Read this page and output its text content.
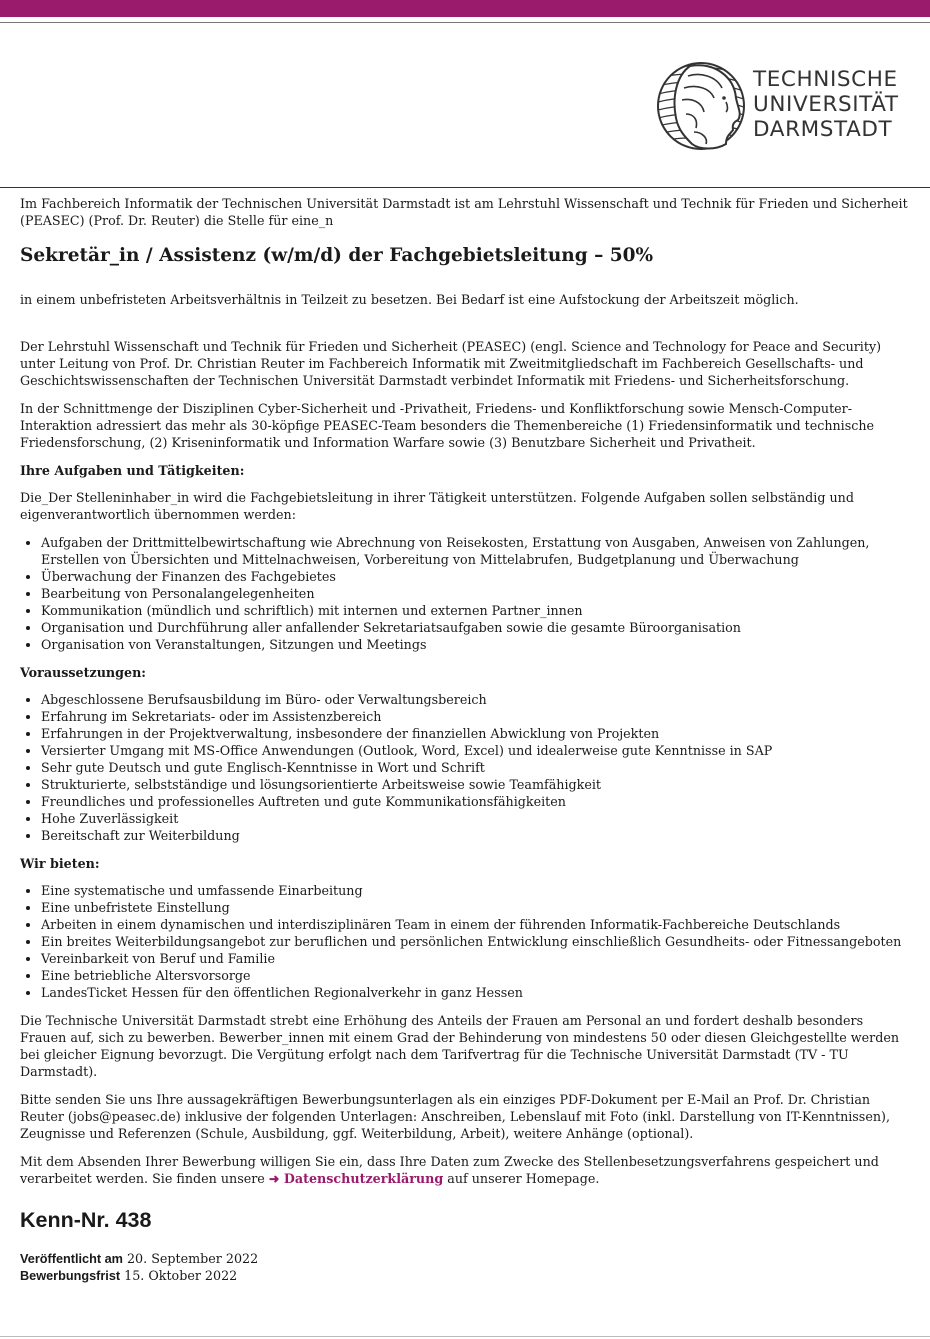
TECHNISCHE
UNIVERSITÄT
DARMSTADT

Im Fachbereich Informatik der Technischen Universität Darmstadt ist am Lehrstuhl Wissenschaft und Technik für Frieden und Sicherheit (PEASEC) (Prof. Dr. Reuter) die Stelle für eine_n

Sekretär_in / Assistenz (w/m/d) der Fachgebietsleitung – 50%

in einem unbefristeten Arbeitsverhältnis in Teilzeit zu besetzen. Bei Bedarf ist eine Aufstockung der Arbeitszeit möglich.

Der Lehrstuhl Wissenschaft und Technik für Frieden und Sicherheit (PEASEC) (engl. Science and Technology for Peace and Security) unter Leitung von Prof. Dr. Christian Reuter im Fachbereich Informatik mit Zweitmitgliedschaft im Fachbereich Gesellschafts- und Geschichtswissenschaften der Technischen Universität Darmstadt verbindet Informatik mit Friedens- und Sicherheitsforschung.

In der Schnittmenge der Disziplinen Cyber-Sicherheit und -Privatheit, Friedens- und Konfliktforschung sowie Mensch-Computer-Interaktion adressiert das mehr als 30-köpfige PEASEC-Team besonders die Themenbereiche (1) Friedensinformatik und technische Friedensforschung, (2) Kriseninformatik und Information Warfare sowie (3) Benutzbare Sicherheit und Privatheit.

Ihre Aufgaben und Tätigkeiten:

Die_Der Stelleninhaber_in wird die Fachgebietsleitung in ihrer Tätigkeit unterstützen. Folgende Aufgaben sollen selbständig und eigenverantwortlich übernommen werden:

• Aufgaben der Drittmittelbewirtschaftung wie Abrechnung von Reisekosten, Erstattung von Ausgaben, Anweisen von Zahlungen, Erstellen von Übersichten und Mittelnachweisen, Vorbereitung von Mittelabrufen, Budgetplanung und Überwachung
• Überwachung der Finanzen des Fachgebietes
• Bearbeitung von Personalangelegenheiten
• Kommunikation (mündlich und schriftlich) mit internen und externen Partner_innen
• Organisation und Durchführung aller anfallender Sekretariatsaufgaben sowie die gesamte Büroorganisation
• Organisation von Veranstaltungen, Sitzungen und Meetings
Voraussetzungen:
• Abgeschlossene Berufsausbildung im Büro- oder Verwaltungsbereich
• Erfahrung im Sekretariats- oder im Assistenzbereich
• Erfahrungen in der Projektverwaltung, insbesondere der finanziellen Abwicklung von Projekten
• Versierter Umgang mit MS-Office Anwendungen (Outlook, Word, Excel) und idealerweise gute Kenntnisse in SAP
• Sehr gute Deutsch und gute Englisch-Kenntnisse in Wort und Schrift
• Strukturierte, selbstständige und lösungsorientierte Arbeitsweise sowie Teamfähigkeit
• Freundliches und professionelles Auftreten und gute Kommunikationsfähigkeiten
• Hohe Zuverlässigkeit
• Bereitschaft zur Weiterbildung
Wir bieten:
• Eine systematische und umfassende Einarbeitung
• Eine unbefristete Einstellung
• Arbeiten in einem dynamischen und interdisziplinären Team in einem der führenden Informatik-Fachbereiche Deutschlands
• Ein breites Weiterbildungsangebot zur beruflichen und persönlichen Entwicklung einschließlich Gesundheits- oder Fitnessangeboten
• Vereinbarkeit von Beruf und Familie
• Eine betriebliche Altersvorsorge
• LandesTicket Hessen für den öffentlichen Regionalverkehr in ganz Hessen

Die Technische Universität Darmstadt strebt eine Erhöhung des Anteils der Frauen am Personal an und fordert deshalb besonders Frauen auf, sich zu bewerben. Bewerber_innen mit einem Grad der Behinderung von mindestens 50 oder diesen Gleichgestellte werden bei gleicher Eignung bevorzugt. Die Vergütung erfolgt nach dem Tarifvertrag für die Technische Universität Darmstadt (TV - TU Darmstadt).

Bitte senden Sie uns Ihre aussagekräftigen Bewerbungsunterlagen als ein einziges PDF-Dokument per E-Mail an Prof. Dr. Christian Reuter (jobs@peasec.de) inklusive der folgenden Unterlagen: Anschreiben, Lebenslauf mit Foto (inkl. Darstellung von IT-Kenntnissen), Zeugnisse und Referenzen (Schule, Ausbildung, ggf. Weiterbildung, Arbeit), weitere Anhänge (optional).

Mit dem Absenden Ihrer Bewerbung willigen Sie ein, dass Ihre Daten zum Zwecke des Stellenbesetzungsverfahrens gespeichert und verarbeitet werden. Sie finden unsere ➜ Datenschutzerklärung auf unserer Homepage.

Kenn-Nr. 438

Veröffentlicht am 20. September 2022

Bewerbungsfrist 15. Oktober 2022
